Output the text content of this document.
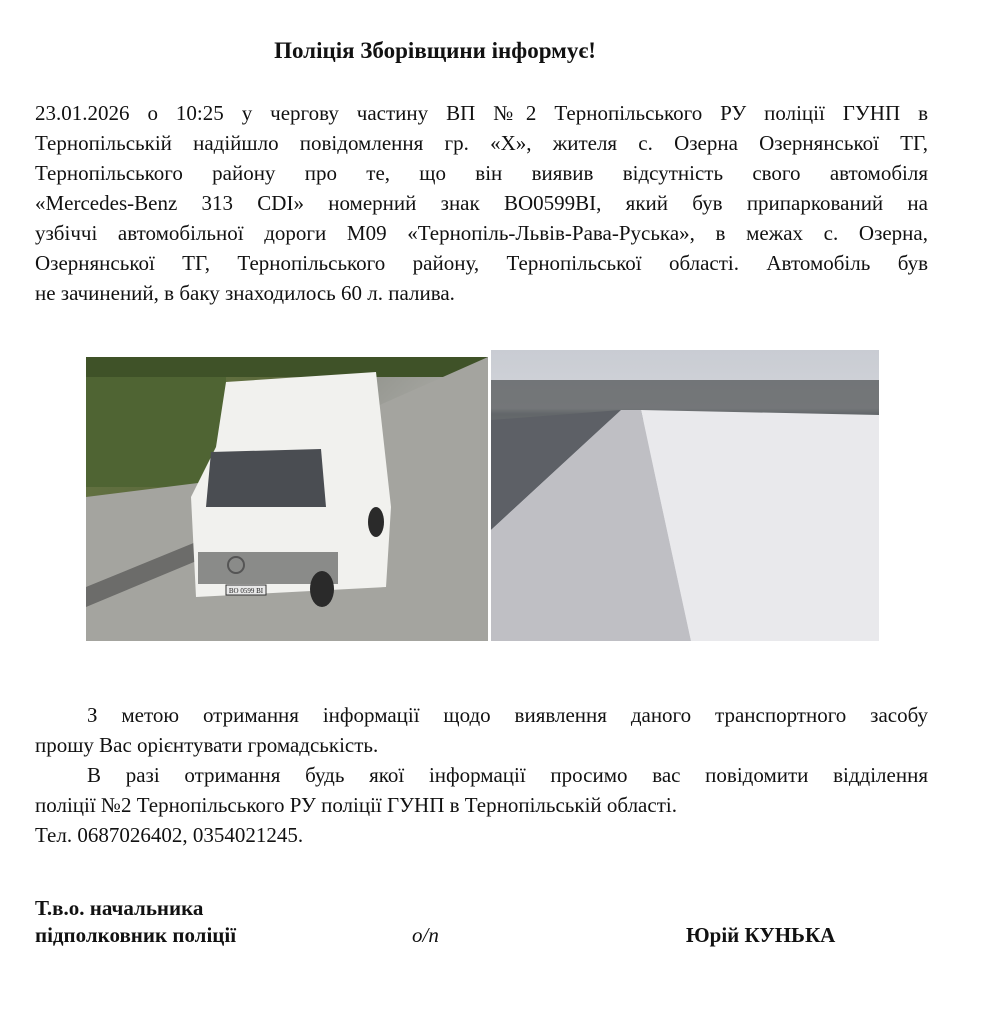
Поліція Зборівщини інформує!
23.01.2026 о 10:25 у чергову частину ВП №2 Тернопільського РУ поліції ГУНП в
Тернопільській надійшло повідомлення гр. «Х», жителя с. Озерна Озернянської ТГ,
Тернопільського району про те, що він виявив відсутність свого автомобіля
«Mercedes-Benz 313 CDI» номерний знак ВО0599ВІ, який був припаркований на
узбіччі автомобільної дороги М09 «Тернопіль-Львів-Рава-Руська», в межах с. Озерна,
Озернянської ТГ, Тернопільського району, Тернопільської області. Автомобіль був
не зачинений, в баку знаходилось 60 л. палива.
ВО 0599 ВІ
З метою отримання інформації щодо виявлення даного транспортного засобу
прошу Вас орієнтувати громадськість.
В разі отримання будь якої інформації просимо вас повідомити відділення
поліції №2 Тернопільського РУ поліції ГУНП в Тернопільській області.
Тел. 0687026402, 0354021245.
Т.в.о. начальника
підполковник поліції	о/п	Юрій КУНЬКА
